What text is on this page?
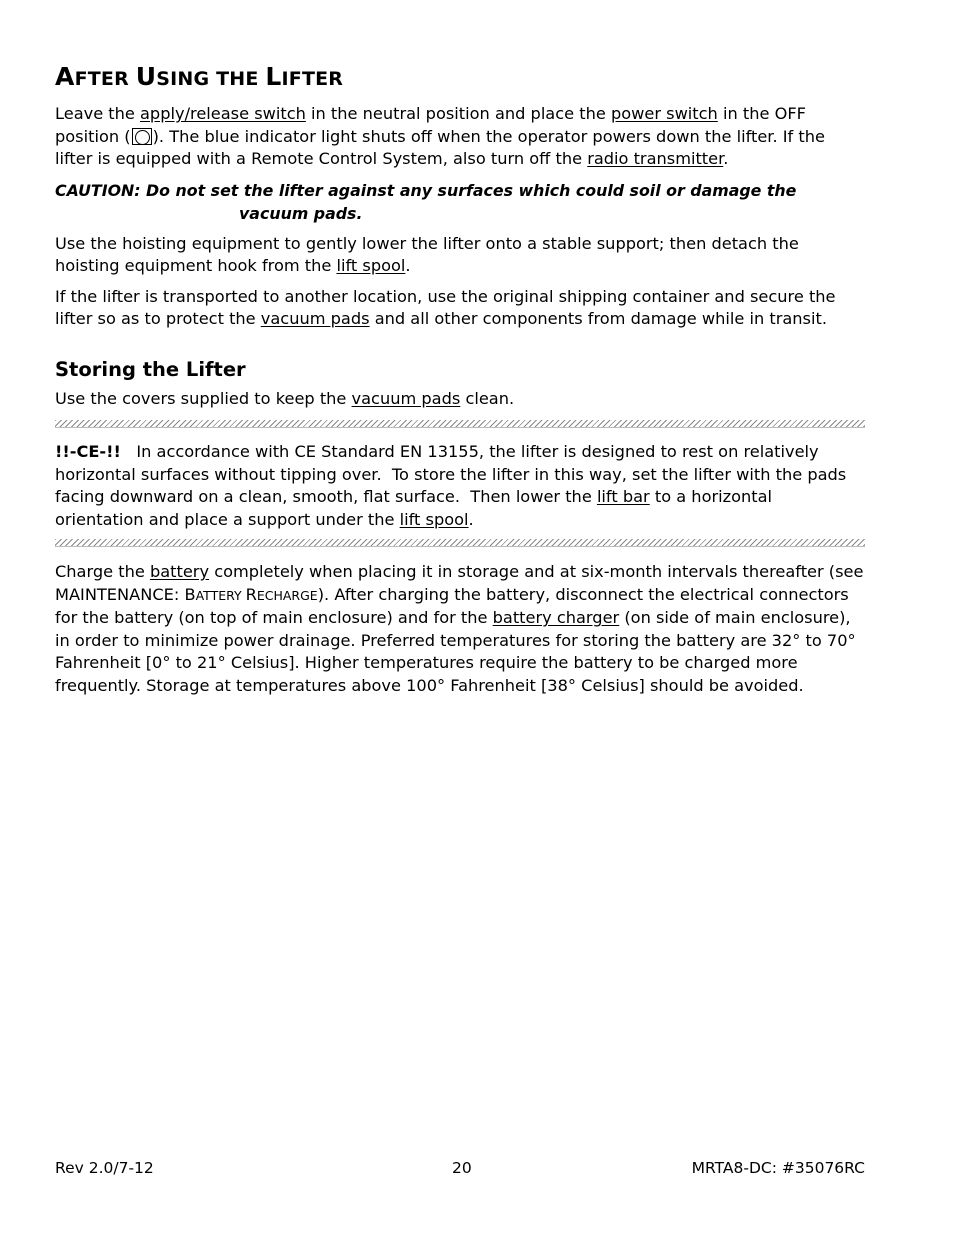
AFTER USING THE LIFTER

Leave the apply/release switch in the neutral position and place the power switch in the OFF position ( ). The blue indicator light shuts off when the operator powers down the lifter. If the lifter is equipped with a Remote Control System, also turn off the radio transmitter.

CAUTION: Do not set the lifter against any surfaces which could soil or damage the
vacuum pads.

Use the hoisting equipment to gently lower the lifter onto a stable support; then detach the hoisting equipment hook from the lift spool.

If the lifter is transported to another location, use the original shipping container and secure the lifter so as to protect the vacuum pads and all other components from damage while in transit.

Storing the Lifter

Use the covers supplied to keep the vacuum pads clean.

!!-CE-!!   In accordance with CE Standard EN 13155, the lifter is designed to rest on relatively horizontal surfaces without tipping over.  To store the lifter in this way, set the lifter with the pads facing downward on a clean, smooth, flat surface.  Then lower the lift bar to a horizontal orientation and place a support under the lift spool.

Charge the battery completely when placing it in storage and at six-month intervals thereafter (see MAINTENANCE: BATTERY RECHARGE). After charging the battery, disconnect the electrical connectors for the battery (on top of main enclosure) and for the battery charger (on side of main enclosure), in order to minimize power drainage. Preferred temperatures for storing the battery are 32° to 70° Fahrenheit [0° to 21° Celsius]. Higher temperatures require the battery to be charged more frequently. Storage at temperatures above 100° Fahrenheit [38° Celsius] should be avoided.

Rev 2.0/7-12	20	MRTA8-DC: #35076RC
